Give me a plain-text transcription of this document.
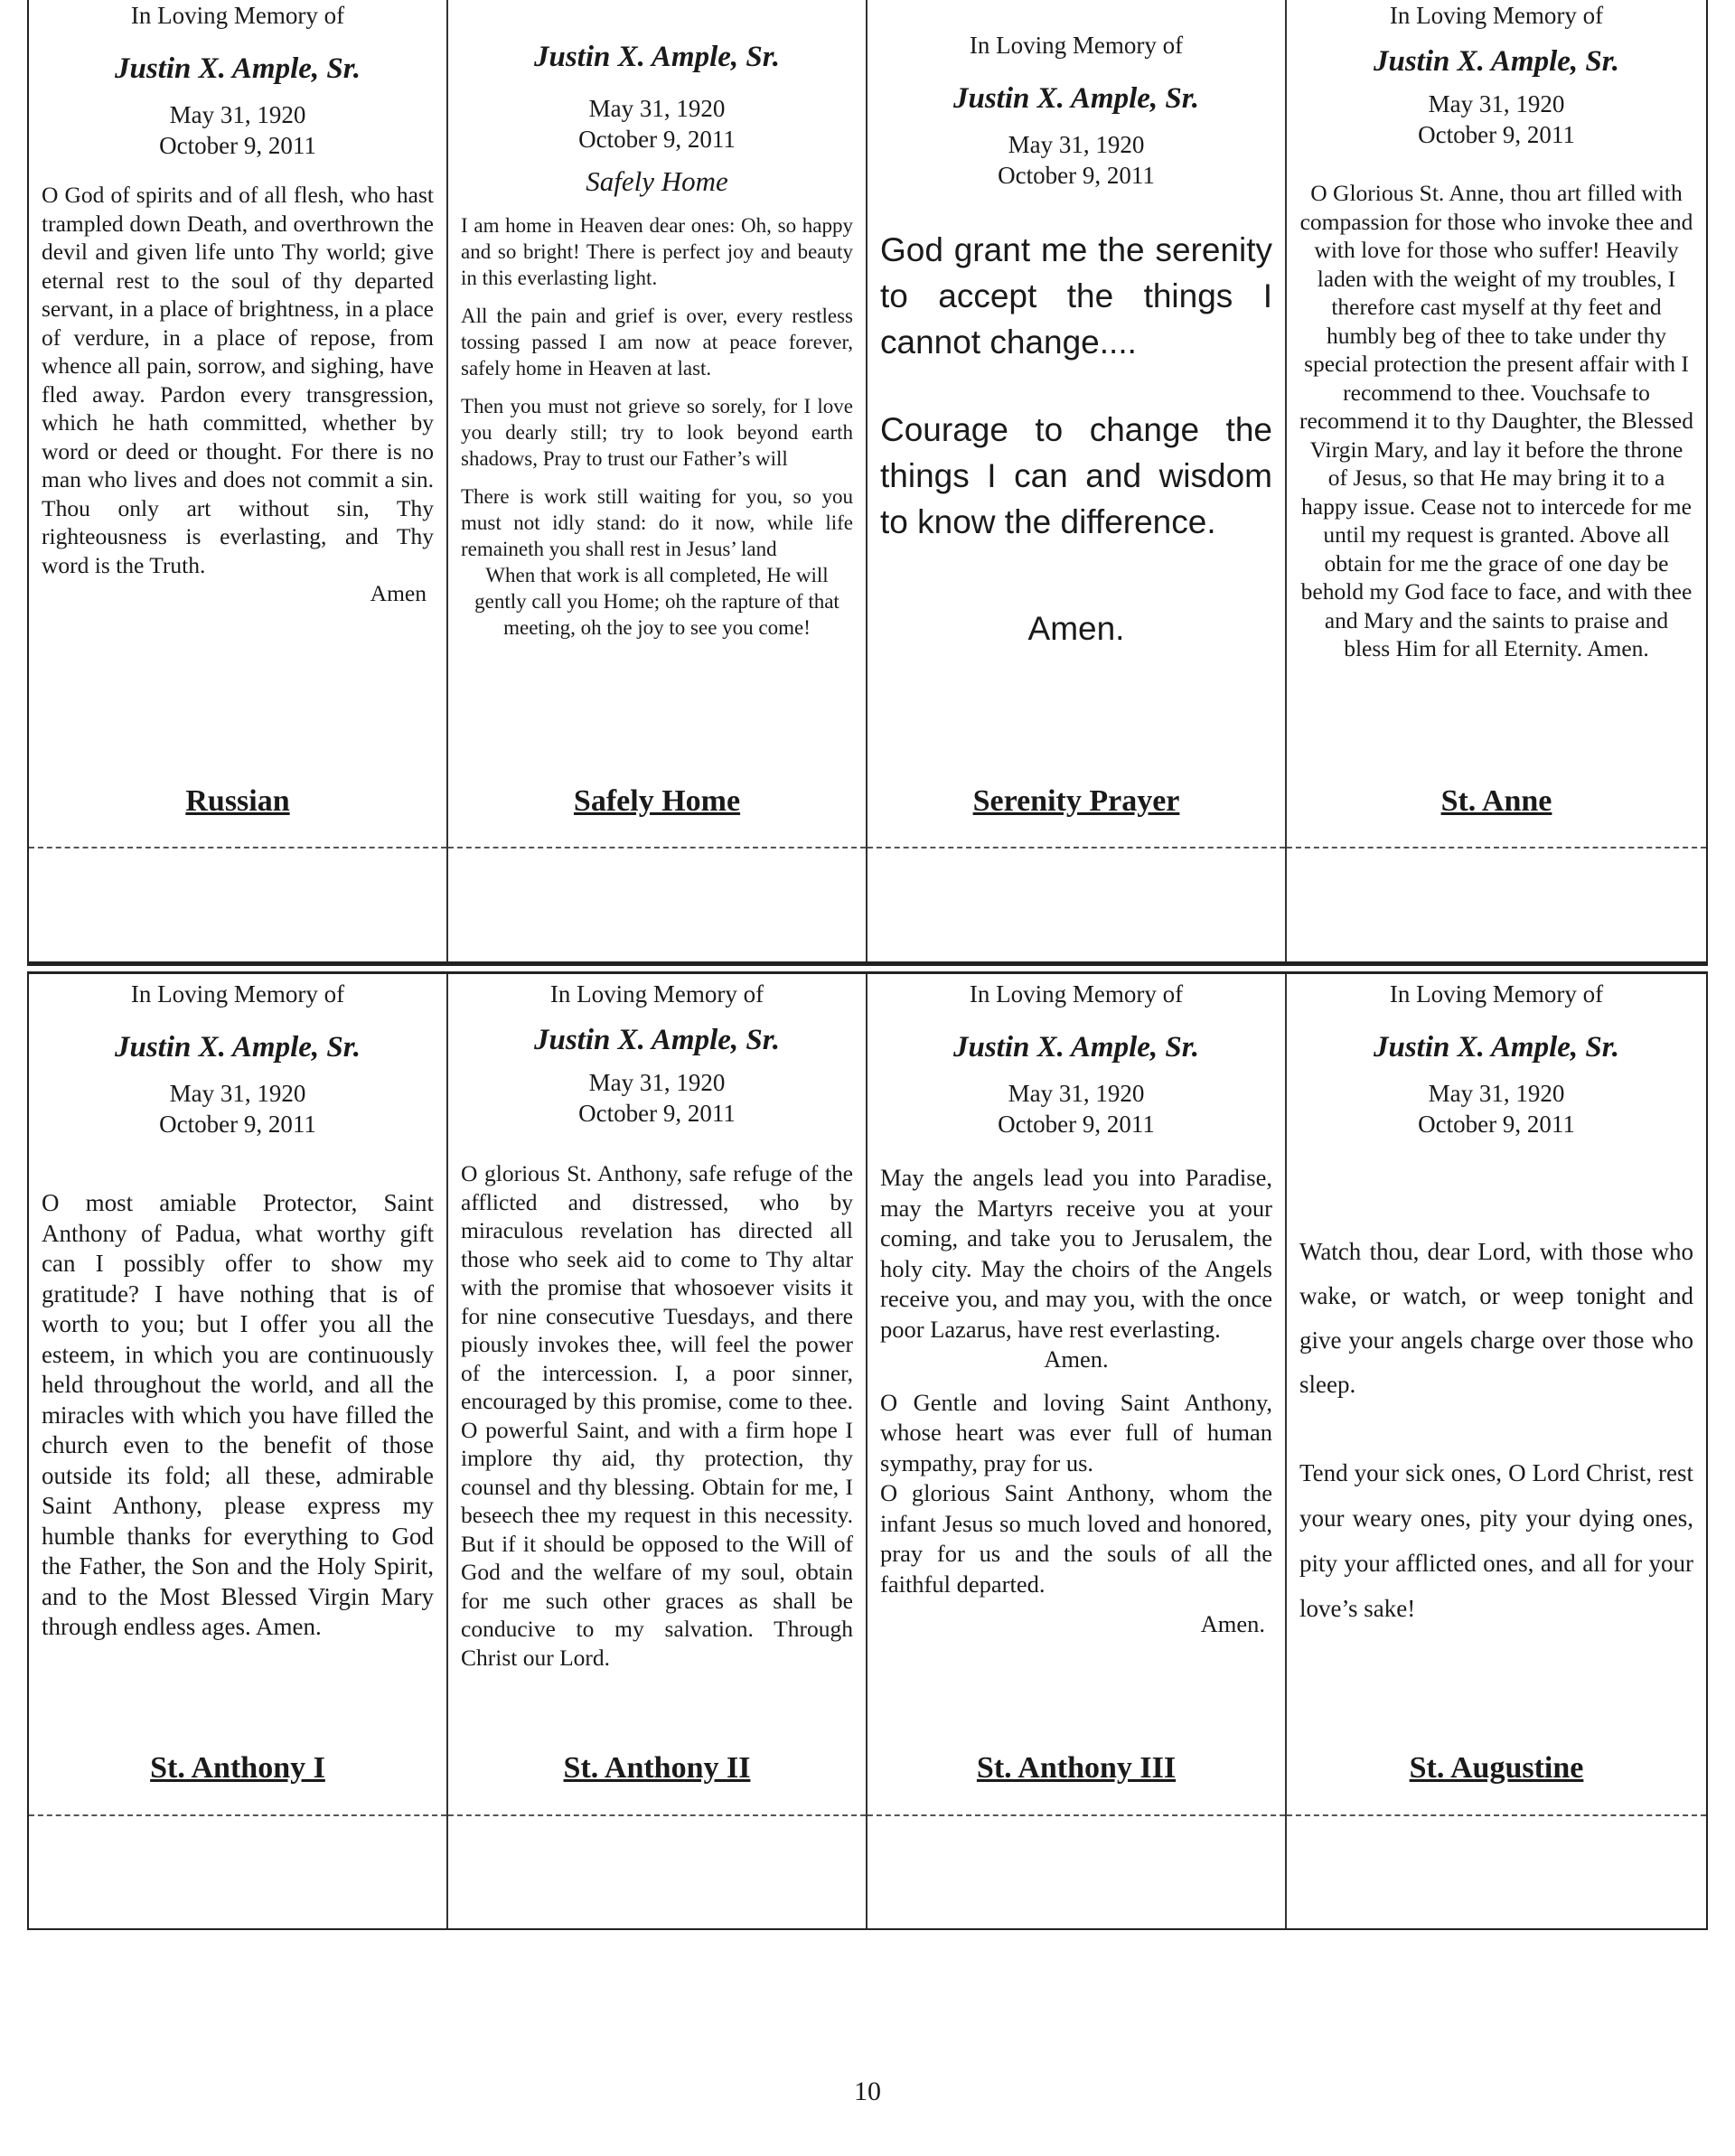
In Loving Memory of

Justin X. Ample, Sr.

May 31, 1920

October 9, 2011

O God of spirits and of all flesh, who hast trampled down Death, and overthrown the devil and given life unto Thy world; give eternal rest to the soul of thy departed servant, in a place of brightness, in a place of verdure, in a place of repose, from whence all pain, sorrow, and sighing, have fled away. Pardon every transgression, which he hath committed, whether by word or deed or thought. For there is no man who lives and does not commit a sin. Thou only art without sin, Thy righteousness is everlasting, and Thy word is the Truth.

Amen

Russian

Justin X. Ample, Sr.

May 31, 1920

October 9, 2011

Safely Home

I am home in Heaven dear ones: Oh, so happy and so bright! There is perfect joy and beauty in this everlasting light.

All the pain and grief is over, every restless tossing passed I am now at peace forever, safely home in Heaven at last.

Then you must not grieve so sorely, for I love you dearly still; try to look beyond earth shadows, Pray to trust our Father’s will

There is work still waiting for you, so you must not idly stand: do it now, while life remaineth you shall rest in Jesus’ land

When that work is all completed, He will gently call you Home; oh the rapture of that meeting, oh the joy to see you come!

Safely Home

In Loving Memory of

Justin X. Ample, Sr.

May 31, 1920

October 9, 2011

God grant me the serenity to accept the things I cannot change....

Courage to change the things I can and wisdom to know the difference.

Amen.

Serenity Prayer

In Loving Memory of

Justin X. Ample, Sr.

May 31, 1920

October 9, 2011

O Glorious St. Anne, thou art filled with compassion for those who invoke thee and with love for those who suffer! Heavily laden with the weight of my troubles, I therefore cast myself at thy feet and humbly beg of thee to take under thy special protection the present affair with I recommend to thee. Vouchsafe to recommend it to thy Daughter, the Blessed Virgin Mary, and lay it before the throne of Jesus, so that He may bring it to a happy issue. Cease not to intercede for me until my request is granted. Above all obtain for me the grace of one day be behold my God face to face, and with thee and Mary and the saints to praise and bless Him for all Eternity. Amen.

St. Anne

In Loving Memory of

Justin X. Ample, Sr.

May 31, 1920

October 9, 2011

O most amiable Protector, Saint Anthony of Padua, what worthy gift can I possibly offer to show my gratitude? I have nothing that is of worth to you; but I offer you all the esteem, in which you are continuously held throughout the world, and all the miracles with which you have filled the church even to the benefit of those outside its fold; all these, admirable Saint Anthony, please express my humble thanks for everything to God the Father, the Son and the Holy Spirit, and to the Most Blessed Virgin Mary through endless ages. Amen.

St. Anthony I

In Loving Memory of

Justin X. Ample, Sr.

May 31, 1920

October 9, 2011

O glorious St. Anthony, safe refuge of the afflicted and distressed, who by miraculous revelation has directed all those who seek aid to come to Thy altar with the promise that whosoever visits it for nine consecutive Tuesdays, and there piously invokes thee, will feel the power of the intercession. I, a poor sinner, encouraged by this promise, come to thee. O powerful Saint, and with a firm hope I implore thy aid, thy protection, thy counsel and thy blessing. Obtain for me, I beseech thee my request in this necessity. But if it should be opposed to the Will of God and the welfare of my soul, obtain for me such other graces as shall be conducive to my salvation. Through Christ our Lord.

St. Anthony II

In Loving Memory of

Justin X. Ample, Sr.

May 31, 1920

October 9, 2011

May the angels lead you into Paradise, may the Martyrs receive you at your coming, and take you to Jerusalem, the holy city. May the choirs of the Angels receive you, and may you, with the once poor Lazarus, have rest everlasting.

Amen.

O Gentle and loving Saint Anthony, whose heart was ever full of human sympathy, pray for us.

O glorious Saint Anthony, whom the infant Jesus so much loved and honored, pray for us and the souls of all the faithful departed.

Amen.

St. Anthony III

In Loving Memory of

Justin X. Ample, Sr.

May 31, 1920

October 9, 2011

Watch thou, dear Lord, with those who wake, or watch, or weep tonight and give your angels charge over those who sleep.

Tend your sick ones, O Lord Christ, rest your weary ones, pity your dying ones, pity your afflicted ones, and all for your love’s sake!

St. Augustine

10
